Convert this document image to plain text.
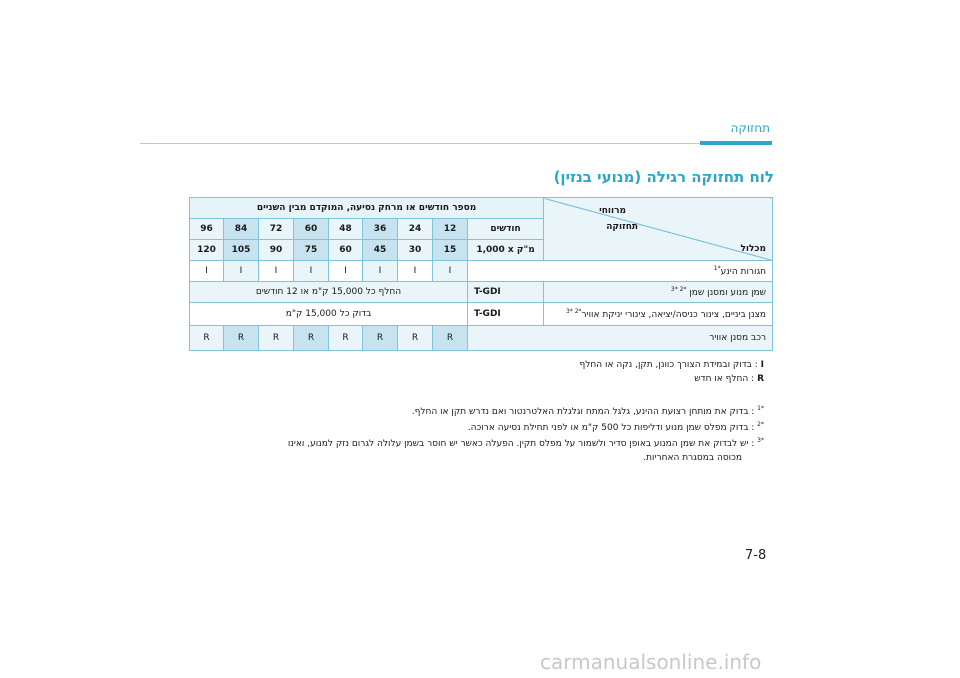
תחזוקה
לוח תחזוקה רגילה (מנועי בנזין)
מספר חודשים או מרחק נסיעה, המוקדם מבין השניים									מרווחי
תחזוקה
מכלול

96	84	72	60	48	36	24	12	חודשים	
120	105	90	75	60	45	30	15	1,000 x מ"ק	
I	I	I	I	I	I	I	I	חגורות הינע$^{*1}$
החלף כל 15,000 ק"מ או 12 חודשים								T-GDI	שמן מנוע ומסנן שמן $^{*2 *3}$
בדוק כל 15,000 ק"מ								T-GDI	מצנן ביניים, צינור כניסה/יציאה, צינורי יניקת אוויר$^{*2 *3}$
R	R	R	R	R	R	R	R	רכב מסנן אוויר	
I : בדוק ובמידת הצורך כוונן, תקן, נקה או החלף
R : החלף או חדש
$^{*1}$ : בדוק את מותחן רצועת ההינע, גלגל המתח וגלגלת האלטרנטור ואם נדרש תקן או החלף.
$^{*2}$ : בדוק מפלס שמן מנוע ודליפות כל 500 ק"מ או לפני תחילת נסיעה ארוכה.
$^{*3}$ : יש לבדוק את שמן המנוע באופן סדיר ולשמור על מפלס תקין. הפעלה כאשר יש חוסר בשמן עלולה לגרום נזק למנוע, ואינו
מכוסה במסגרת האחריות.
7-8
carmanualsonline.info
